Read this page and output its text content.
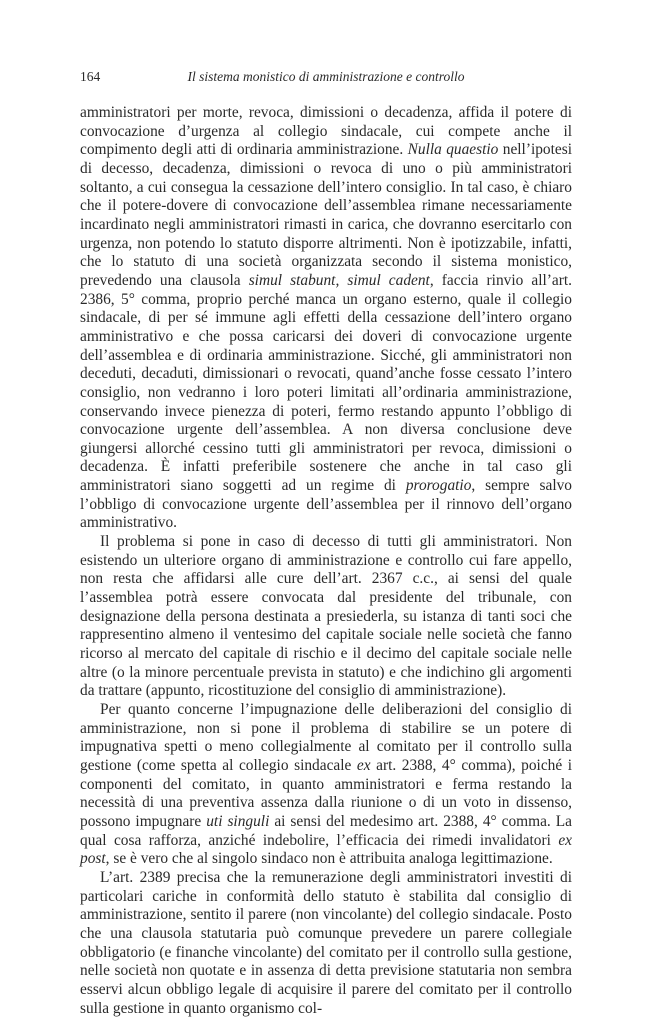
164	Il sistema monistico di amministrazione e controllo

amministratori per morte, revoca, dimissioni o decadenza, affida il potere di convocazione d’urgenza al collegio sindacale, cui compete anche il compimento degli atti di ordinaria amministrazione. Nulla quaestio nell’ipotesi di decesso, decadenza, dimissioni o revoca di uno o più amministratori soltanto, a cui consegua la cessazione dell’intero consiglio. In tal caso, è chiaro che il potere-dovere di convocazione dell’assemblea rimane necessariamente incardinato negli amministratori rimasti in carica, che dovranno esercitarlo con urgenza, non potendo lo statuto disporre altrimenti. Non è ipotizzabile, infatti, che lo statuto di una società organizzata secondo il sistema monistico, prevedendo una clausola simul stabunt, simul cadent, faccia rinvio all’art. 2386, 5° comma, proprio perché manca un organo esterno, quale il collegio sindacale, di per sé immune agli effetti della cessazione dell’intero organo amministrativo e che possa caricarsi dei doveri di convocazione urgente dell’assemblea e di ordinaria amministrazione. Sicché, gli amministratori non deceduti, decaduti, dimissionari o revocati, quand’anche fosse cessato l’intero consiglio, non vedranno i loro poteri limitati all’ordinaria amministrazione, conservando invece pienezza di poteri, fermo restando appunto l’obbligo di convocazione urgente dell’assemblea. A non diversa conclusione deve giungersi allorché cessino tutti gli amministratori per revoca, dimissioni o decadenza. È infatti preferibile sostenere che anche in tal caso gli amministratori siano soggetti ad un regime di prorogatio, sempre salvo l’obbligo di convocazione urgente dell’assemblea per il rinnovo dell’organo amministrativo.

Il problema si pone in caso di decesso di tutti gli amministratori. Non esistendo un ulteriore organo di amministrazione e controllo cui fare appello, non resta che affidarsi alle cure dell’art. 2367 c.c., ai sensi del quale l’assemblea potrà essere convocata dal presidente del tribunale, con designazione della persona destinata a presiederla, su istanza di tanti soci che rappresentino almeno il ventesimo del capitale sociale nelle società che fanno ricorso al mercato del capitale di rischio e il decimo del capitale sociale nelle altre (o la minore percentuale prevista in statuto) e che indichino gli argomenti da trattare (appunto, ricostituzione del consiglio di amministrazione).

Per quanto concerne l’impugnazione delle deliberazioni del consiglio di amministrazione, non si pone il problema di stabilire se un potere di impugnativa spetti o meno collegialmente al comitato per il controllo sulla gestione (come spetta al collegio sindacale ex art. 2388, 4° comma), poiché i componenti del comitato, in quanto amministratori e ferma restando la necessità di una preventiva assenza dalla riunione o di un voto in dissenso, possono impugnare uti singuli ai sensi del medesimo art. 2388, 4° comma. La qual cosa rafforza, anziché indebolire, l’efficacia dei rimedi invalidatori ex post, se è vero che al singolo sindaco non è attribuita analoga legittimazione.

L’art. 2389 precisa che la remunerazione degli amministratori investiti di particolari cariche in conformità dello statuto è stabilita dal consiglio di amministrazione, sentito il parere (non vincolante) del collegio sindacale. Posto che una clausola statutaria può comunque prevedere un parere collegiale obbligatorio (e finanche vincolante) del comitato per il controllo sulla gestione, nelle società non quotate e in assenza di detta previsione statutaria non sembra esservi alcun obbligo legale di acquisire il parere del comitato per il controllo sulla gestione in quanto organismo col-
